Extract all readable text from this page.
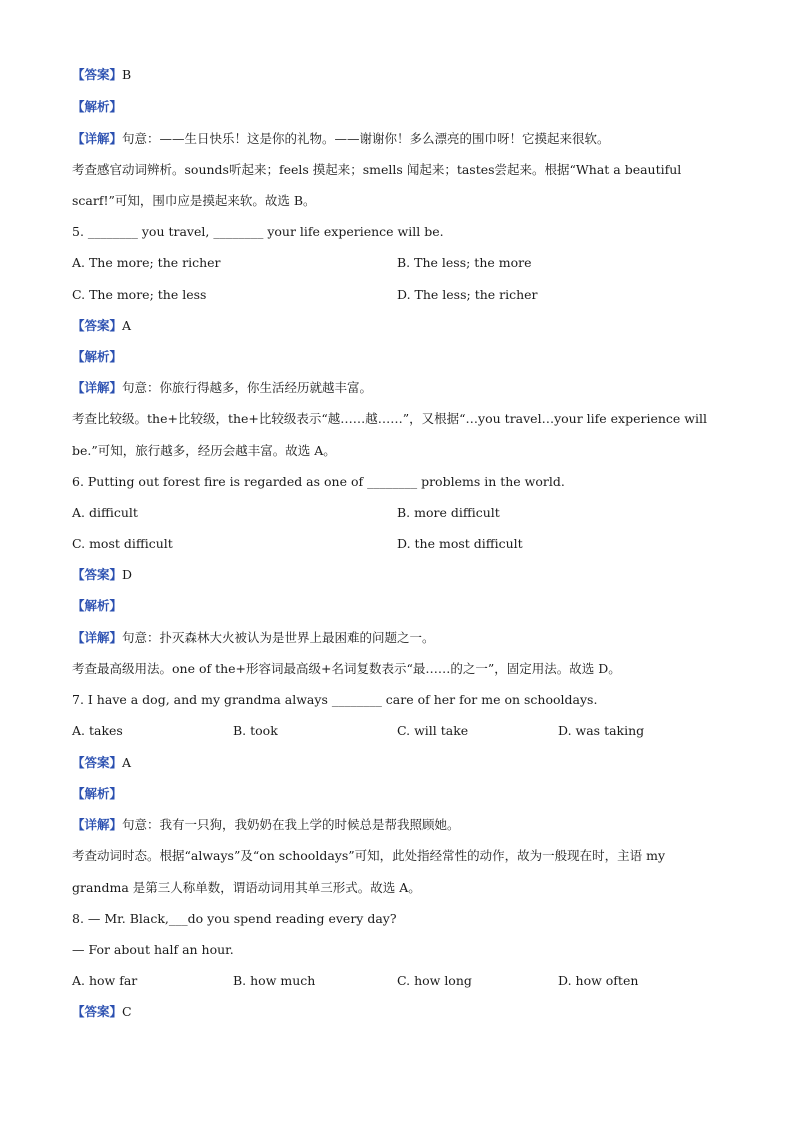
【答案】B
【解析】
【详解】句意：——生日快乐！这是你的礼物。——谢谢你！多么漂亮的围巾呀！它摸起来很软。
考查感官动词辨析。sounds听起来；feels 摸起来；smells 闻起来；tastes尝起来。根据“What a beautiful
scarf!”可知，围巾应是摸起来软。故选 B。
5. ________ you travel, ________ your life experience will be.
A. The more; the richer	B. The less; the more
C. The more; the less	D. The less; the richer
【答案】A
【解析】
【详解】句意：你旅行得越多，你生活经历就越丰富。
考查比较级。the+比较级，the+比较级表示“越……越……”，又根据“…you travel…your life experience will
be.”可知，旅行越多，经历会越丰富。故选 A。
6. Putting out forest fire is regarded as one of ________ problems in the world.
A. difficult	B. more difficult
C. most difficult	D. the most difficult
【答案】D
【解析】
【详解】句意：扑灭森林大火被认为是世界上最困难的问题之一。
考查最高级用法。one of the+形容词最高级+名词复数表示“最……的之一”，固定用法。故选 D。
7. I have a dog, and my grandma always ________ care of her for me on schooldays.
A. takes	B. took	C. will take	D. was taking
【答案】A
【解析】
【详解】句意：我有一只狗，我奶奶在我上学的时候总是帮我照顾她。
考查动词时态。根据“always”及“on schooldays”可知，此处指经常性的动作，故为一般现在时，主语 my
grandma 是第三人称单数，谓语动词用其单三形式。故选 A。
8. — Mr. Black,___do you spend reading every day?
— For about half an hour.
A. how far	B. how much	C. how long	D. how often
【答案】C
